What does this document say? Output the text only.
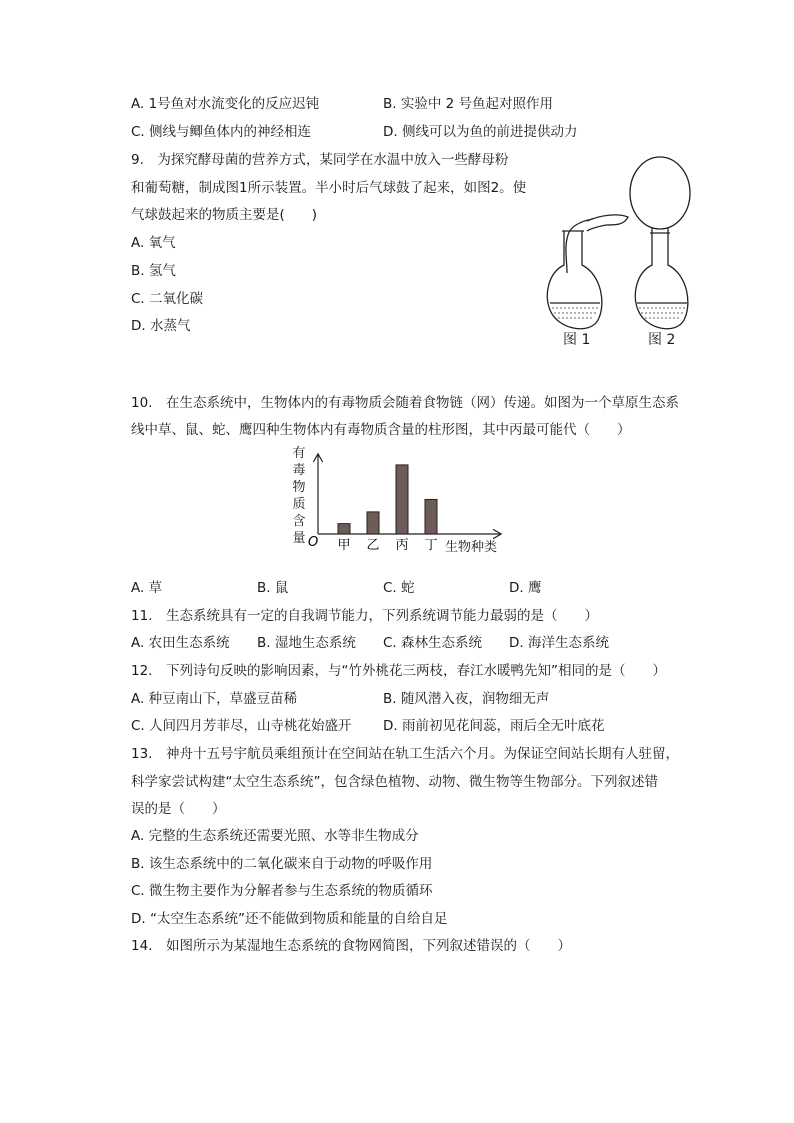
A. 1号鱼对水流变化的反应迟钝	B. 实验中 2 号鱼起对照作用
C. 侧线与鲫鱼体内的神经相连	D. 侧线可以为鱼的前进提供动力
9.　为探究酵母菌的营养方式，某同学在水温中放入一些酵母粉
和葡萄糖，制成图1所示装置。半小时后气球鼓了起来，如图2。使
气球鼓起来的物质主要是(　　)
A. 氧气
B. 氢气
C. 二氧化碳
D. 水蒸气
图 1	图 2
10.　在生态系统中，生物体内的有毒物质会随着食物链（网）传递。如图为一个草原生态系
线中草、鼠、蛇、鹰四种生物体内有毒物质含量的柱形图，其中丙最可能代（　　）
有毒物质含量 O 甲 乙 丙 丁 生物种类
A. 草	B. 鼠	C. 蛇	D. 鹰
11.　生态系统具有一定的自我调节能力，下列系统调节能力最弱的是（　　）
A. 农田生态系统 B. 湿地生态系统 C. 森林生态系统 D. 海洋生态系统
12.　下列诗句反映的影响因素，与“竹外桃花三两枝，春江水暖鸭先知”相同的是（　　）
A. 种豆南山下，草盛豆苗稀	B. 随风潜入夜，润物细无声
C. 人间四月芳菲尽，山寺桃花始盛开 D. 雨前初见花间蕊，雨后全无叶底花
13.　神舟十五号宇航员乘组预计在空间站在轨工生活六个月。为保证空间站长期有人驻留，
科学家尝试构建“太空生态系统”，包含绿色植物、动物、微生物等生物部分。下列叙述错
误的是（　　）
A. 完整的生态系统还需要光照、水等非生物成分
B. 该生态系统中的二氧化碳来自于动物的呼吸作用
C. 微生物主要作为分解者参与生态系统的物质循环
D. “太空生态系统”还不能做到物质和能量的自给自足
14.　如图所示为某湿地生态系统的食物网简图，下列叙述错误的（　　）
